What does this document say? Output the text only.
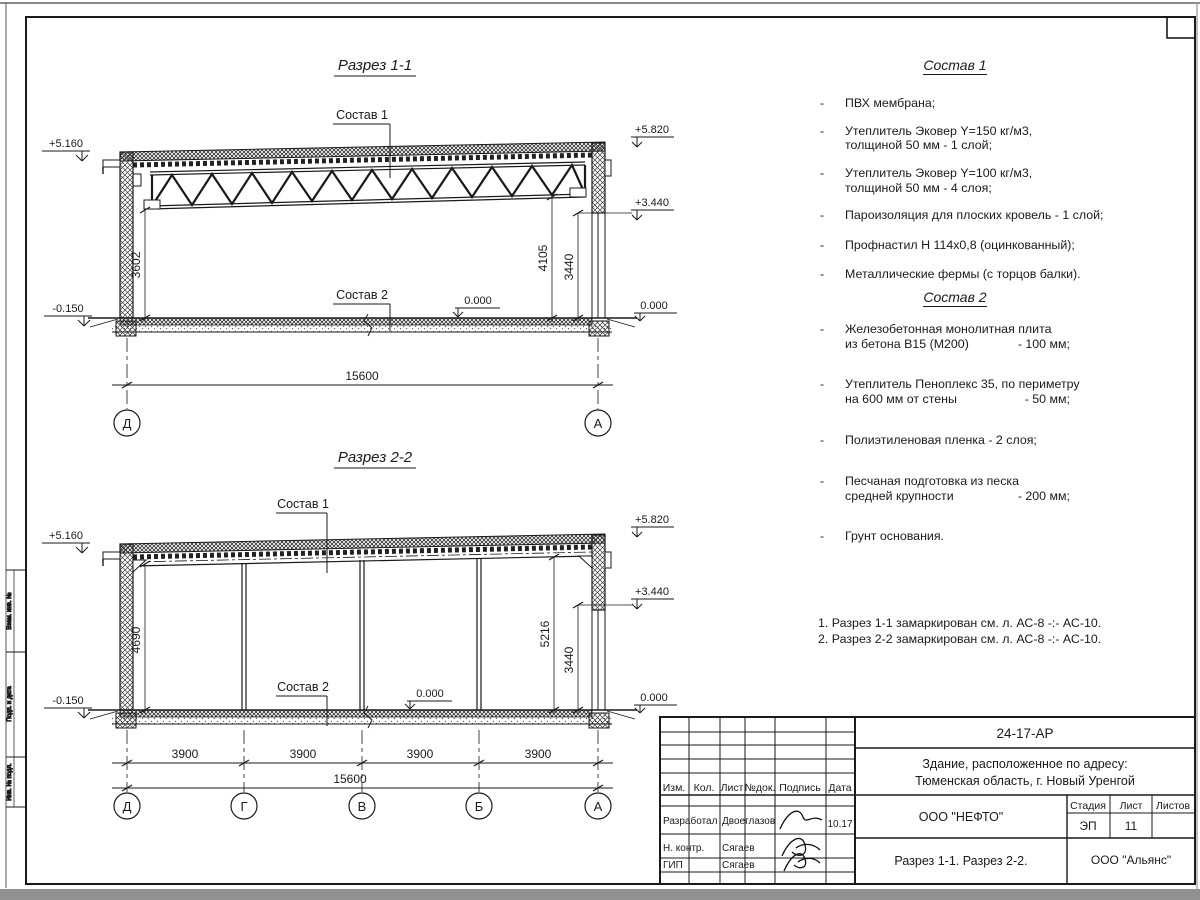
Взам. инв. №
Подп. и дата
Инв. № подл.
Разрез 1-1
Состав 1
Состав 2
+5.160
-0.150
0.000
+5.820
+3.440
0.000
3602	4105 3440
15600
Д	А
Разрез 2-2
Состав 1
Состав 2
+5.160
-0.150
0.000
+5.820
+3.440
0.000
4690	5216
3440
3900	3900	3900	3900
15600
Д	Г	В	Б	А
24-17-АР
Здание, расположенное по адресу:
Тюменская область, г. Новый Уренгой
ООО "НЕФТО"
Стадия Лист Листов
ЭП 11
Разрез 1-1. Разрез 2-2.	ООО "Альянс"
Изм. Кол. Лист №док. Подпись Дата
Разработал Двоеглазов	10.17
Н. контр. Сягаев
ГИП	Сягаев
Состав 1
-	ПВХ мембрана;
-	Утеплитель Эковер Y=150 кг/м3,
толщиной 50 мм - 1 слой;
-	Утеплитель Эковер Y=100 кг/м3,
толщиной 50 мм - 4 слоя;
-	Пароизоляция для плоских кровель - 1 слой;
-	Профнастил Н 114х0,8 (оцинкованный);
-	Металлические фермы (с торцов балки).
Состав 2
-	Железобетонная монолитная плита
из бетона В15 (М200)	- 100 мм;
-	Утеплитель Пеноплекс 35, по периметру
на 600 мм от стены	- 50 мм;
-	Полиэтиленовая пленка - 2 слоя;
-	Песчаная подготовка из песка
средней крупности	- 200 мм;
-	Грунт основания.
1. Разрез 1-1 замаркирован см. л. АС-8 -:- АС-10.
2. Разрез 2-2 замаркирован см. л. АС-8 -:- АС-10.
